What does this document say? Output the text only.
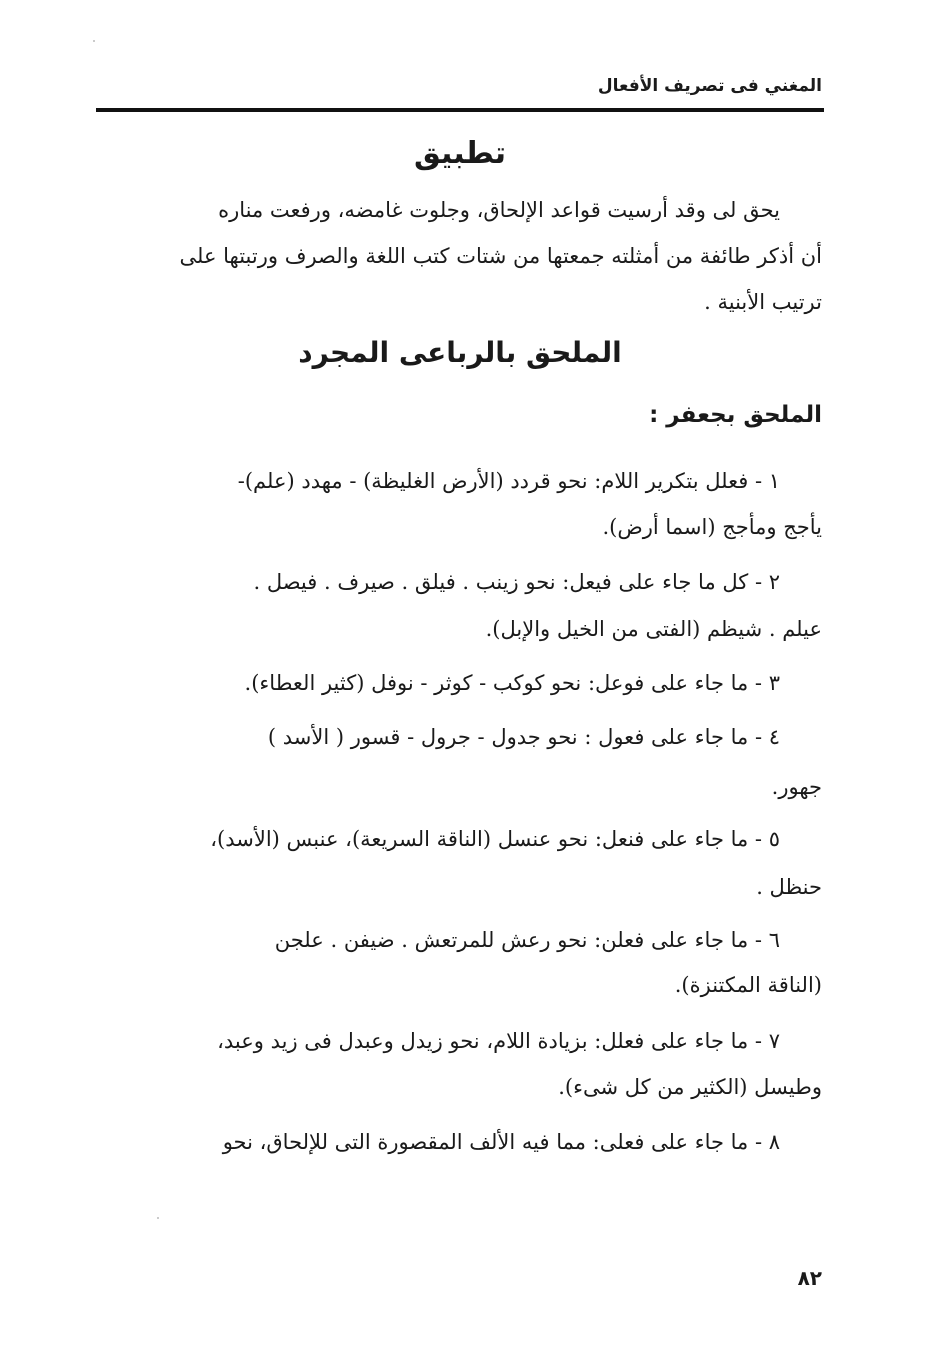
المغني فى تصريف الأفعال
تطبيق
يحق لى وقد أرسيت قواعد الإلحاق، وجلوت غامضه، ورفعت مناره
أن أذكر طائفة من أمثلته جمعتها من شتات كتب اللغة والصرف ورتبتها على
ترتيب الأبنية .
الملحق بالرباعى المجرد
الملحق بجعفر :
١ - فعلل بتكرير اللام: نحو قردد (الأرض الغليظة) - مهدد (علم)-
يأجج ومأجج (اسما أرض).
٢ - كل ما جاء على فيعل: نحو زينب . فيلق . صيرف . فيصل .
عيلم . شيظم (الفتى من الخيل والإبل).
٣ - ما جاء على فوعل: نحو كوكب - كوثر - نوفل (كثير العطاء).
٤ - ما جاء على فعول : نحو جدول - جرول - قسور ( الأسد )
جهور.
٥ - ما جاء على فنعل: نحو عنسل (الناقة السريعة)، عنبس (الأسد)،
حنظل .
٦ - ما جاء على فعلن: نحو رعش للمرتعش . ضيفن . علجن
(الناقة المكتنزة).
٧ - ما جاء على فعلل: بزيادة اللام، نحو زيدل وعبدل فى زيد وعبد،
وطيسل (الكثير من كل شىء).
٨ - ما جاء على فعلى: مما فيه الألف المقصورة التى للإلحاق، نحو
٨٢
